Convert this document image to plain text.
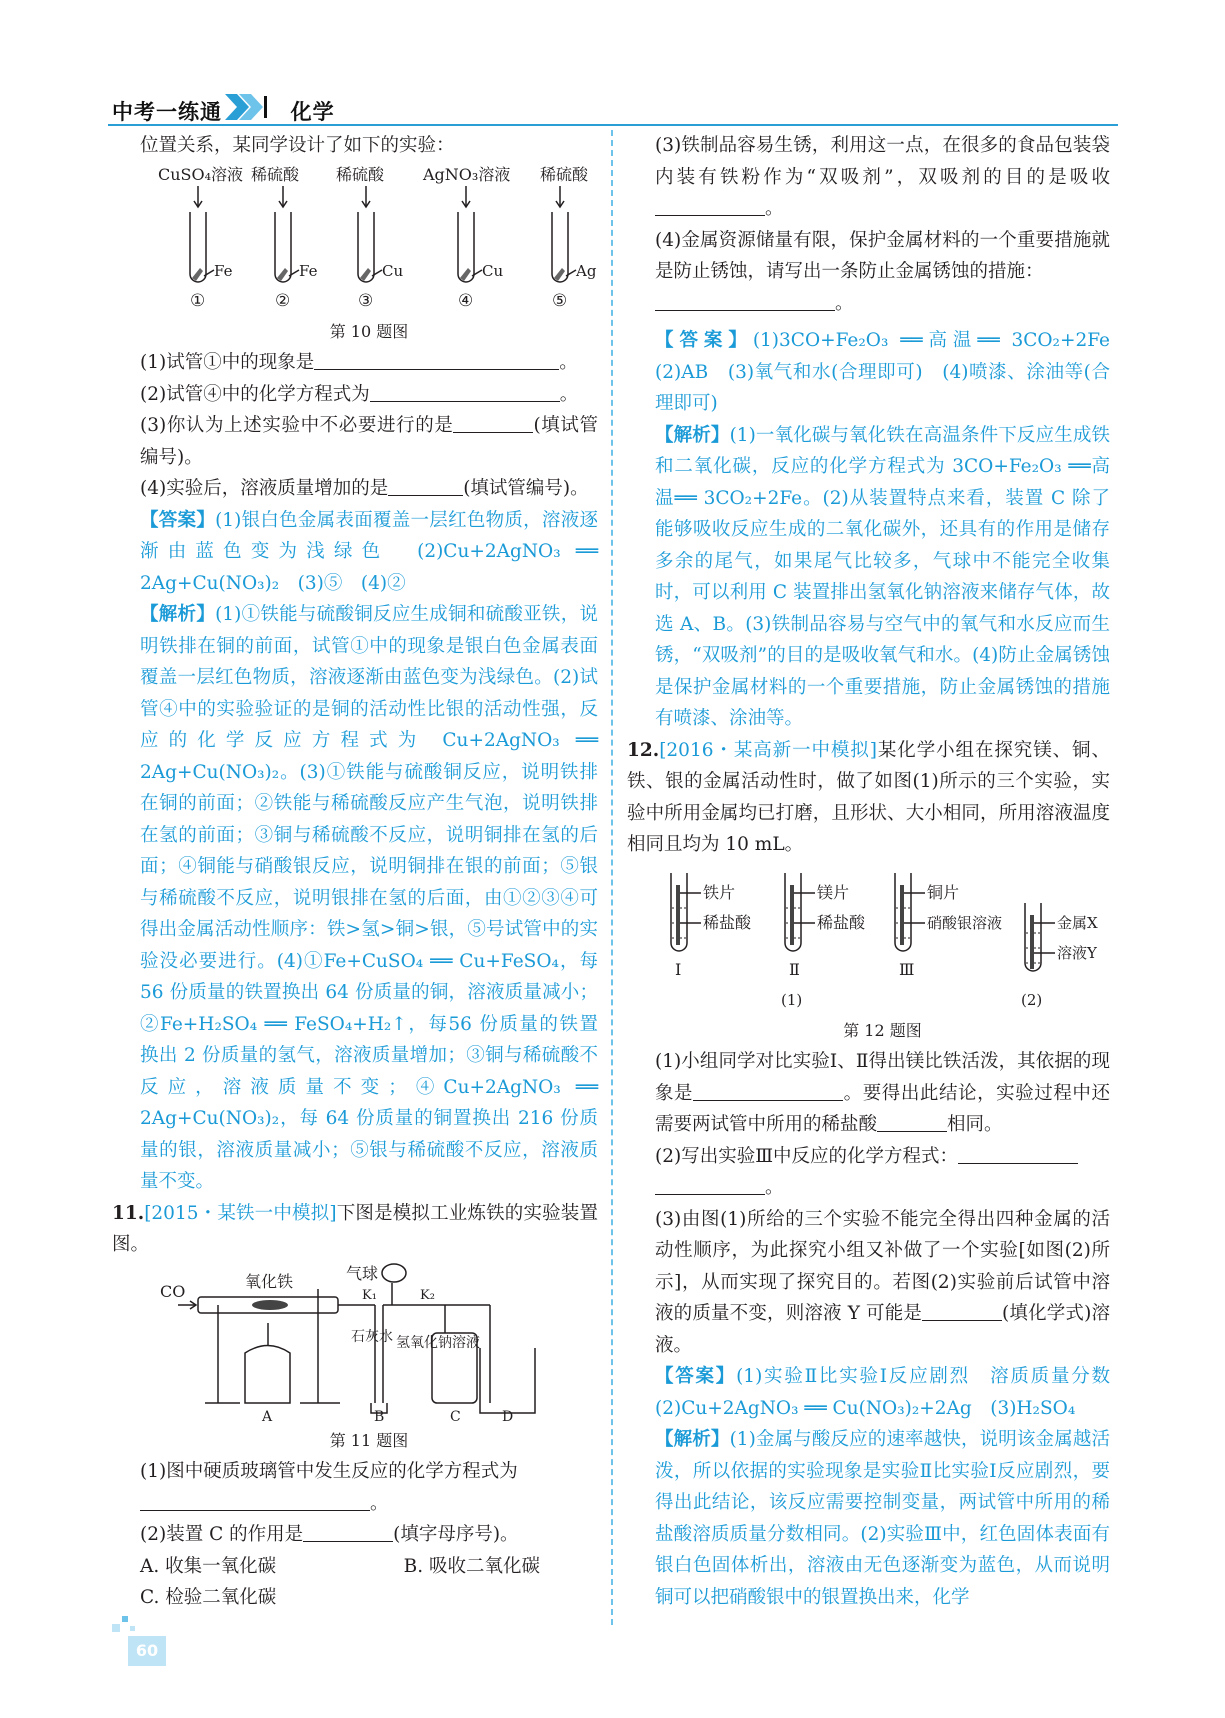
中考一练通	化学

位置关系，某同学设计了如下的实验：

CuSO₄溶液 稀硫酸 稀硫酸 AgNO₃溶液 稀硫酸
Fe	Fe	Cu	Cu	Ag
①	②	③	④	⑤

第 10 题图

(1)试管①中的现象是	。

(2)试管④中的化学方程式为	。

(3)你认为上述实验中不必要进行的是	(填试管编号)。

(4)实验后，溶液质量增加的是	(填试管编号)。

【答案】(1)银白色金属表面覆盖一层红色物质，溶液逐渐由蓝色变为浅绿色　(2)Cu+2AgNO₃ ══ 2Ag+Cu(NO₃)₂　(3)⑤　(4)②

【解析】(1)①铁能与硫酸铜反应生成铜和硫酸亚铁，说明铁排在铜的前面，试管①中的现象是银白色金属表面覆盖一层红色物质，溶液逐渐由蓝色变为浅绿色。(2)试管④中的实验验证的是铜的活动性比银的活动性强，反应的化学反应方程式为 Cu+2AgNO₃ ══ 2Ag+Cu(NO₃)₂。(3)①铁能与硫酸铜反应，说明铁排在铜的前面；②铁能与稀硫酸反应产生气泡，说明铁排在氢的前面；③铜与稀硫酸不反应，说明铜排在氢的后面；④铜能与硝酸银反应，说明铜排在银的前面；⑤银与稀硫酸不反应，说明银排在氢的后面，由①②③④可得出金属活动性顺序：铁>氢>铜>银，⑤号试管中的实验没必要进行。(4)①Fe+CuSO₄ ══ Cu+FeSO₄，每 56 份质量的铁置换出 64 份质量的铜，溶液质量减小；②Fe+H₂SO₄ ══ FeSO₄+H₂↑，每56 份质量的铁置换出 2 份质量的氢气，溶液质量增加；③铜与稀硫酸不反应，溶液质量不变；④Cu+2AgNO₃ ══ 2Ag+Cu(NO₃)₂，每 64 份质量的铜置换出 216 份质量的银，溶液质量减小；⑤银与稀硫酸不反应，溶液质量不变。

11.[2015・某铁一中模拟]下图是模拟工业炼铁的实验装置图。

CO
氧化铁	气球
K₁	K₂
石灰水 氢氧化钠溶液
A	B	C	D

第 11 题图

(1)图中硬质玻璃管中发生反应的化学方程式为
。

(2)装置 C 的作用是	(填字母序号)。

A. 收集一氧化碳	B. 吸收二氧化碳

C. 检验二氧化碳

(3)铁制品容易生锈，利用这一点，在很多的食品包装袋内装有铁粉作为“双吸剂”，双吸剂的目的是吸收。

(4)金属资源储量有限，保护金属材料的一个重要措施就是防止锈蚀，请写出一条防止金属锈蚀的措施：
。

【答案】(1)3CO+Fe₂O₃ ══高温══ 3CO₂+2Fe　(2)AB　(3)氧气和水(合理即可)　(4)喷漆、涂油等(合理即可)

【解析】(1)一氧化碳与氧化铁在高温条件下反应生成铁和二氧化碳，反应的化学方程式为 3CO+Fe₂O₃ ══高温══ 3CO₂+2Fe。(2)从装置特点来看，装置 C 除了能够吸收反应生成的二氧化碳外，还具有的作用是储存多余的尾气，如果尾气比较多，气球中不能完全收集时，可以利用 C 装置排出氢氧化钠溶液来储存气体，故选 A、B。(3)铁制品容易与空气中的氧气和水反应而生锈，“双吸剂”的目的是吸收氧气和水。(4)防止金属锈蚀是保护金属材料的一个重要措施，防止金属锈蚀的措施有喷漆、涂油等。

12.[2016・某高新一中模拟]某化学小组在探究镁、铜、铁、银的金属活动性时，做了如图(1)所示的三个实验，实验中所用金属均已打磨，且形状、大小相同，所用溶液温度相同且均为 10 mL。

铁片
稀盐酸
Ⅰ
镁片
稀盐酸
Ⅱ
铜片
硝酸银溶液
Ⅲ
金属X
溶液Y
(1)	(2)

第 12 题图

(1)小组同学对比实验Ⅰ、Ⅱ得出镁比铁活泼，其依据的现象是	。要得出此结论，实验过程中还需要两试管中所用的稀盐酸	相同。

(2)写出实验Ⅲ中反应的化学方程式：
。

(3)由图(1)所给的三个实验不能完全得出四种金属的活动性顺序，为此探究小组又补做了一个实验[如图(2)所示]，从而实现了探究目的。若图(2)实验前后试管中溶液的质量不变，则溶液 Y 可能是	(填化学式)溶液。

【答案】(1)实验Ⅱ比实验Ⅰ反应剧烈　溶质质量分数　(2)Cu+2AgNO₃ ══ Cu(NO₃)₂+2Ag　(3)H₂SO₄

【解析】(1)金属与酸反应的速率越快，说明该金属越活泼，所以依据的实验现象是实验Ⅱ比实验Ⅰ反应剧烈，要得出此结论，该反应需要控制变量，两试管中所用的稀盐酸溶质质量分数相同。(2)实验Ⅲ中，红色固体表面有银白色固体析出，溶液由无色逐渐变为蓝色，从而说明铜可以把硝酸银中的银置换出来，化学

60
